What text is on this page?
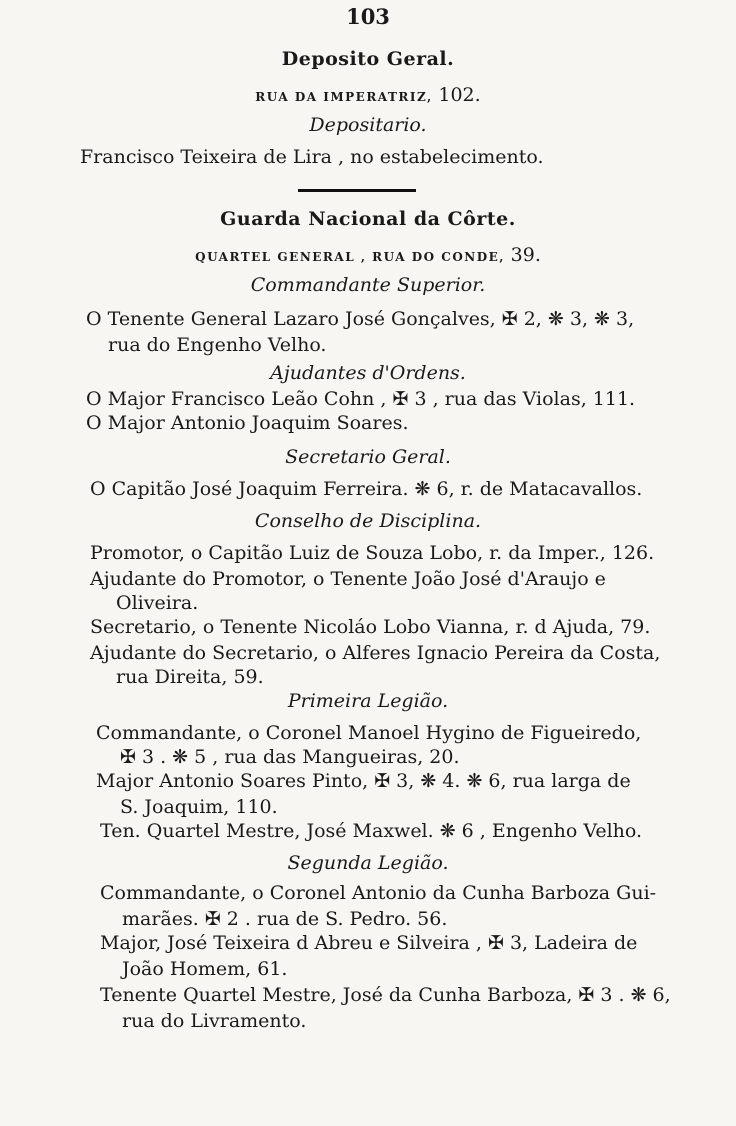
103
Deposito Geral.
RUA DA IMPERATRIZ, 102.
Depositario.
Francisco Teixeira de Lira , no estabelecimento.
Guarda Nacional da Côrte.
QUARTEL GENERAL , RUA DO CONDE, 39.
Commandante Superior.
O Tenente General Lazaro José Gonçalves, ✠ 2, ❋ 3, ❋ 3,
rua do Engenho Velho.
Ajudantes d'Ordens.
O Major Francisco Leão Cohn , ✠ 3 , rua das Violas, 111.
O Major Antonio Joaquim Soares.
Secretario Geral.
O Capitão José Joaquim Ferreira. ❋ 6, r. de Matacavallos.
Conselho de Disciplina.
Promotor, o Capitão Luiz de Souza Lobo, r. da Imper., 126.
Ajudante do Promotor, o Tenente João José d'Araujo e
Oliveira.
Secretario, o Tenente Nicoláo Lobo Vianna, r. d Ajuda, 79.
Ajudante do Secretario, o Alferes Ignacio Pereira da Costa,
rua Direita, 59.
Primeira Legião.
Commandante, o Coronel Manoel Hygino de Figueiredo,
✠ 3 . ❋ 5 , rua das Mangueiras, 20.
Major Antonio Soares Pinto, ✠ 3, ❋ 4. ❋ 6, rua larga de
S. Joaquim, 110.
Ten. Quartel Mestre, José Maxwel. ❋ 6 , Engenho Velho.
Segunda Legião.
Commandante, o Coronel Antonio da Cunha Barboza Gui-
marães. ✠ 2 . rua de S. Pedro. 56.
Major, José Teixeira d Abreu e Silveira , ✠ 3, Ladeira de
João Homem, 61.
Tenente Quartel Mestre, José da Cunha Barboza, ✠ 3 . ❋ 6,
rua do Livramento.
